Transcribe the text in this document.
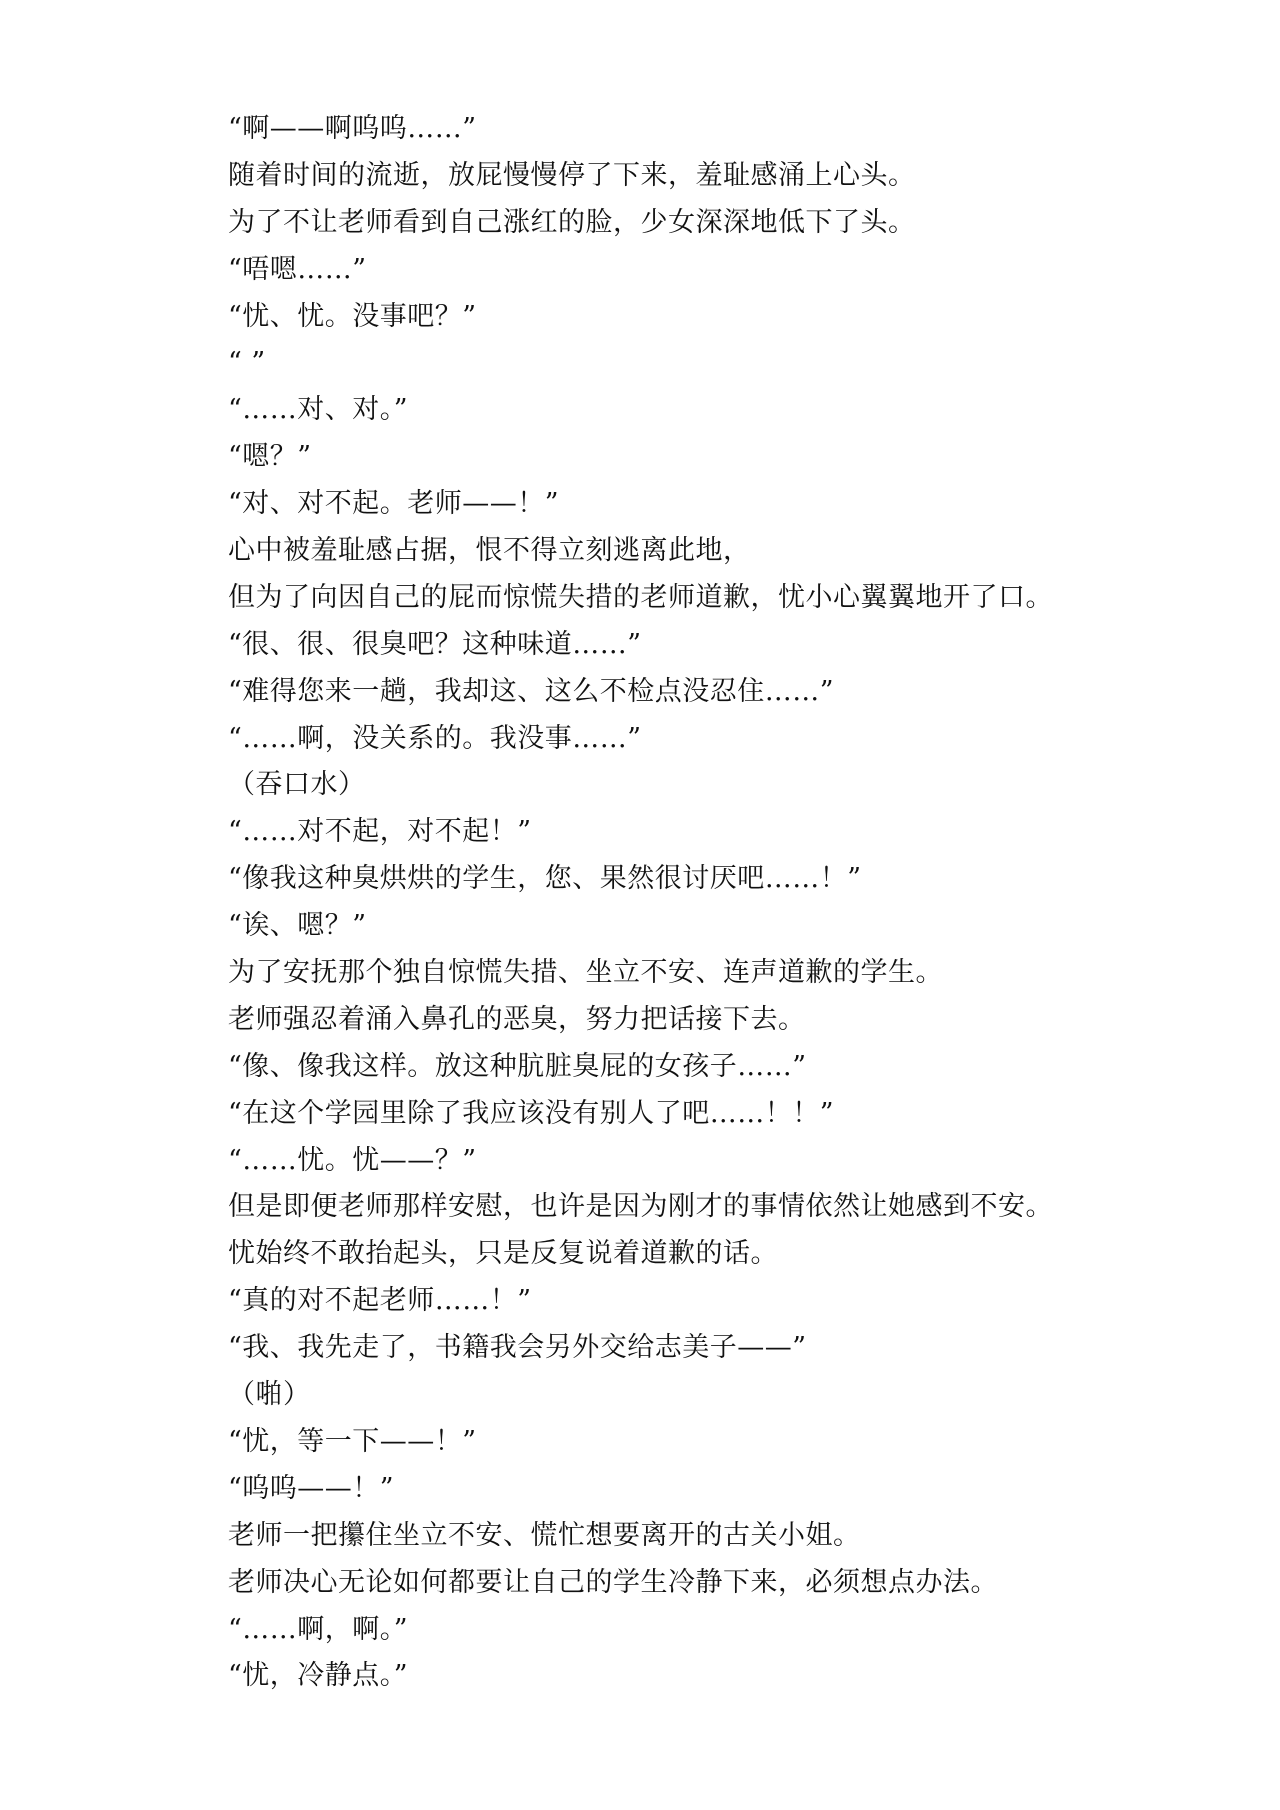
“啊——啊呜呜……”
随着时间的流逝，放屁慢慢停了下来，羞耻感涌上心头。
为了不让老师看到自己涨红的脸，少女深深地低下了头。
“唔嗯……”
“忧、忧。没事吧？”
“ ”
“……对、对。”
“嗯？”
“对、对不起。老师——！”
心中被羞耻感占据，恨不得立刻逃离此地，
但为了向因自己的屁而惊慌失措的老师道歉，忧小心翼翼地开了口。
“很、很、很臭吧？这种味道……”
“难得您来一趟，我却这、这么不检点没忍住……”
“……啊，没关系的。我没事……”
（吞口水）
“……对不起，对不起！”
“像我这种臭烘烘的学生，您、果然很讨厌吧……！”
“诶、嗯？”
为了安抚那个独自惊慌失措、坐立不安、连声道歉的学生。
老师强忍着涌入鼻孔的恶臭，努力把话接下去。
“像、像我这样。放这种肮脏臭屁的女孩子……”
“在这个学园里除了我应该没有别人了吧……！！”
“……忧。忧——？”
但是即便老师那样安慰，也许是因为刚才的事情依然让她感到不安。
忧始终不敢抬起头，只是反复说着道歉的话。
“真的对不起老师……！”
“我、我先走了，书籍我会另外交给志美子——”
（啪）
“忧，等一下——！”
“呜呜——！”
老师一把攥住坐立不安、慌忙想要离开的古关小姐。
老师决心无论如何都要让自己的学生冷静下来，必须想点办法。
“……啊，啊。”
“忧，冷静点。”
